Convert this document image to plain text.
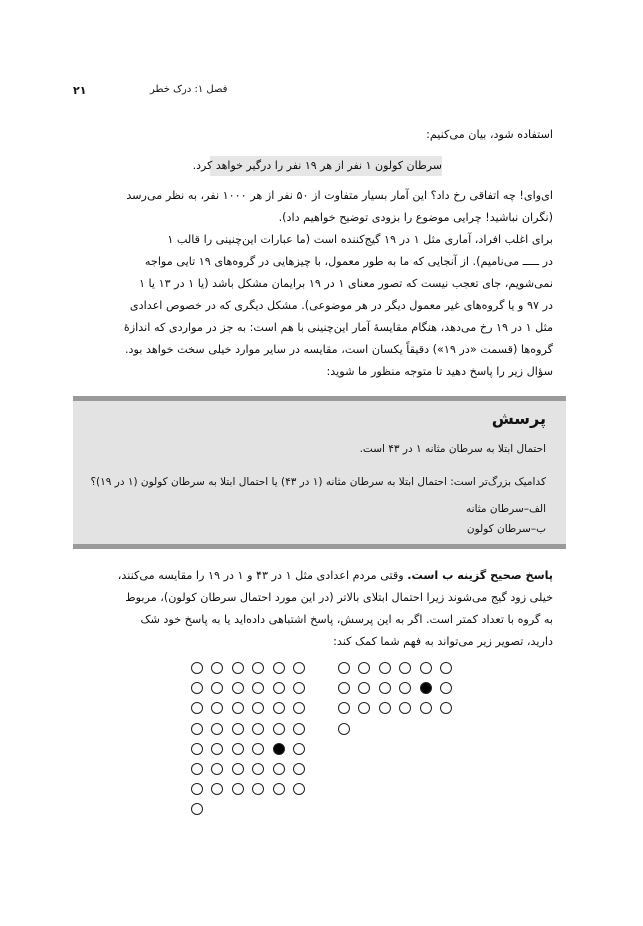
۲۱	فصل ۱: درک خطر
استفاده شود، بیان می‌کنیم:
سرطان کولون ۱ نفر از هر ۱۹ نفر را درگیر خواهد کرد.
ای‌وای! چه اتفاقی رخ داد؟ این آمار بسیار متفاوت از ۵۰ نفر از هر ۱۰۰۰ نفر، به نظر می‌رسد
(نگران نباشید! چرایی موضوع را بزودی توضیح خواهیم داد).
برای اغلب افراد، آماری مثل ۱ در ۱۹ گیج‌کننده است (ما عبارات این‌چنینی را قالب ۱
در ـــــ می‌نامیم). از آنجایی که ما به طور معمول، با چیزهایی در گروه‌های ۱۹ تایی مواجه
نمی‌شویم، جای تعجب نیست که تصور معنای ۱ در ۱۹ برایمان مشکل باشد (یا ۱ در ۱۳ یا ۱
در ۹۷ و یا گروه‌های غیر معمول دیگر در هر موضوعی). مشکل دیگری که در خصوص اعدادی
مثل ۱ در ۱۹ رخ می‌دهد، هنگام مقایسهٔ آمار این‌چنینی با هم است: به جز در مواردی که اندازهٔ
گروه‌ها (قسمت «در ۱۹») دقیقاً یکسان است، مقایسه در سایر موارد خیلی سخت خواهد بود.
سؤال زیر را پاسخ دهید تا متوجه منظور ما شوید:
پرسش
احتمال ابتلا به سرطان مثانه ۱ در ۴۳ است.
کدامیک بزرگ‌تر است: احتمال ابتلا به سرطان مثانه (۱ در ۴۳) یا احتمال ابتلا به سرطان کولون (۱ در ۱۹)؟
الف–سرطان مثانه
ب–سرطان کولون
پاسخ صحیح گزینه ب است. وقتی مردم اعدادی مثل ۱ در ۴۳ و ۱ در ۱۹ را مقایسه می‌کنند،
خیلی زود گیج می‌شوند زیرا احتمال ابتلای بالاتر (در این مورد احتمال سرطان کولون)، مربوط
به گروه با تعداد کمتر است. اگر به این پرسش، پاسخ اشتباهی داده‌اید یا به پاسخ خود شک
دارید، تصویر زیر می‌تواند به فهم شما کمک کند:
